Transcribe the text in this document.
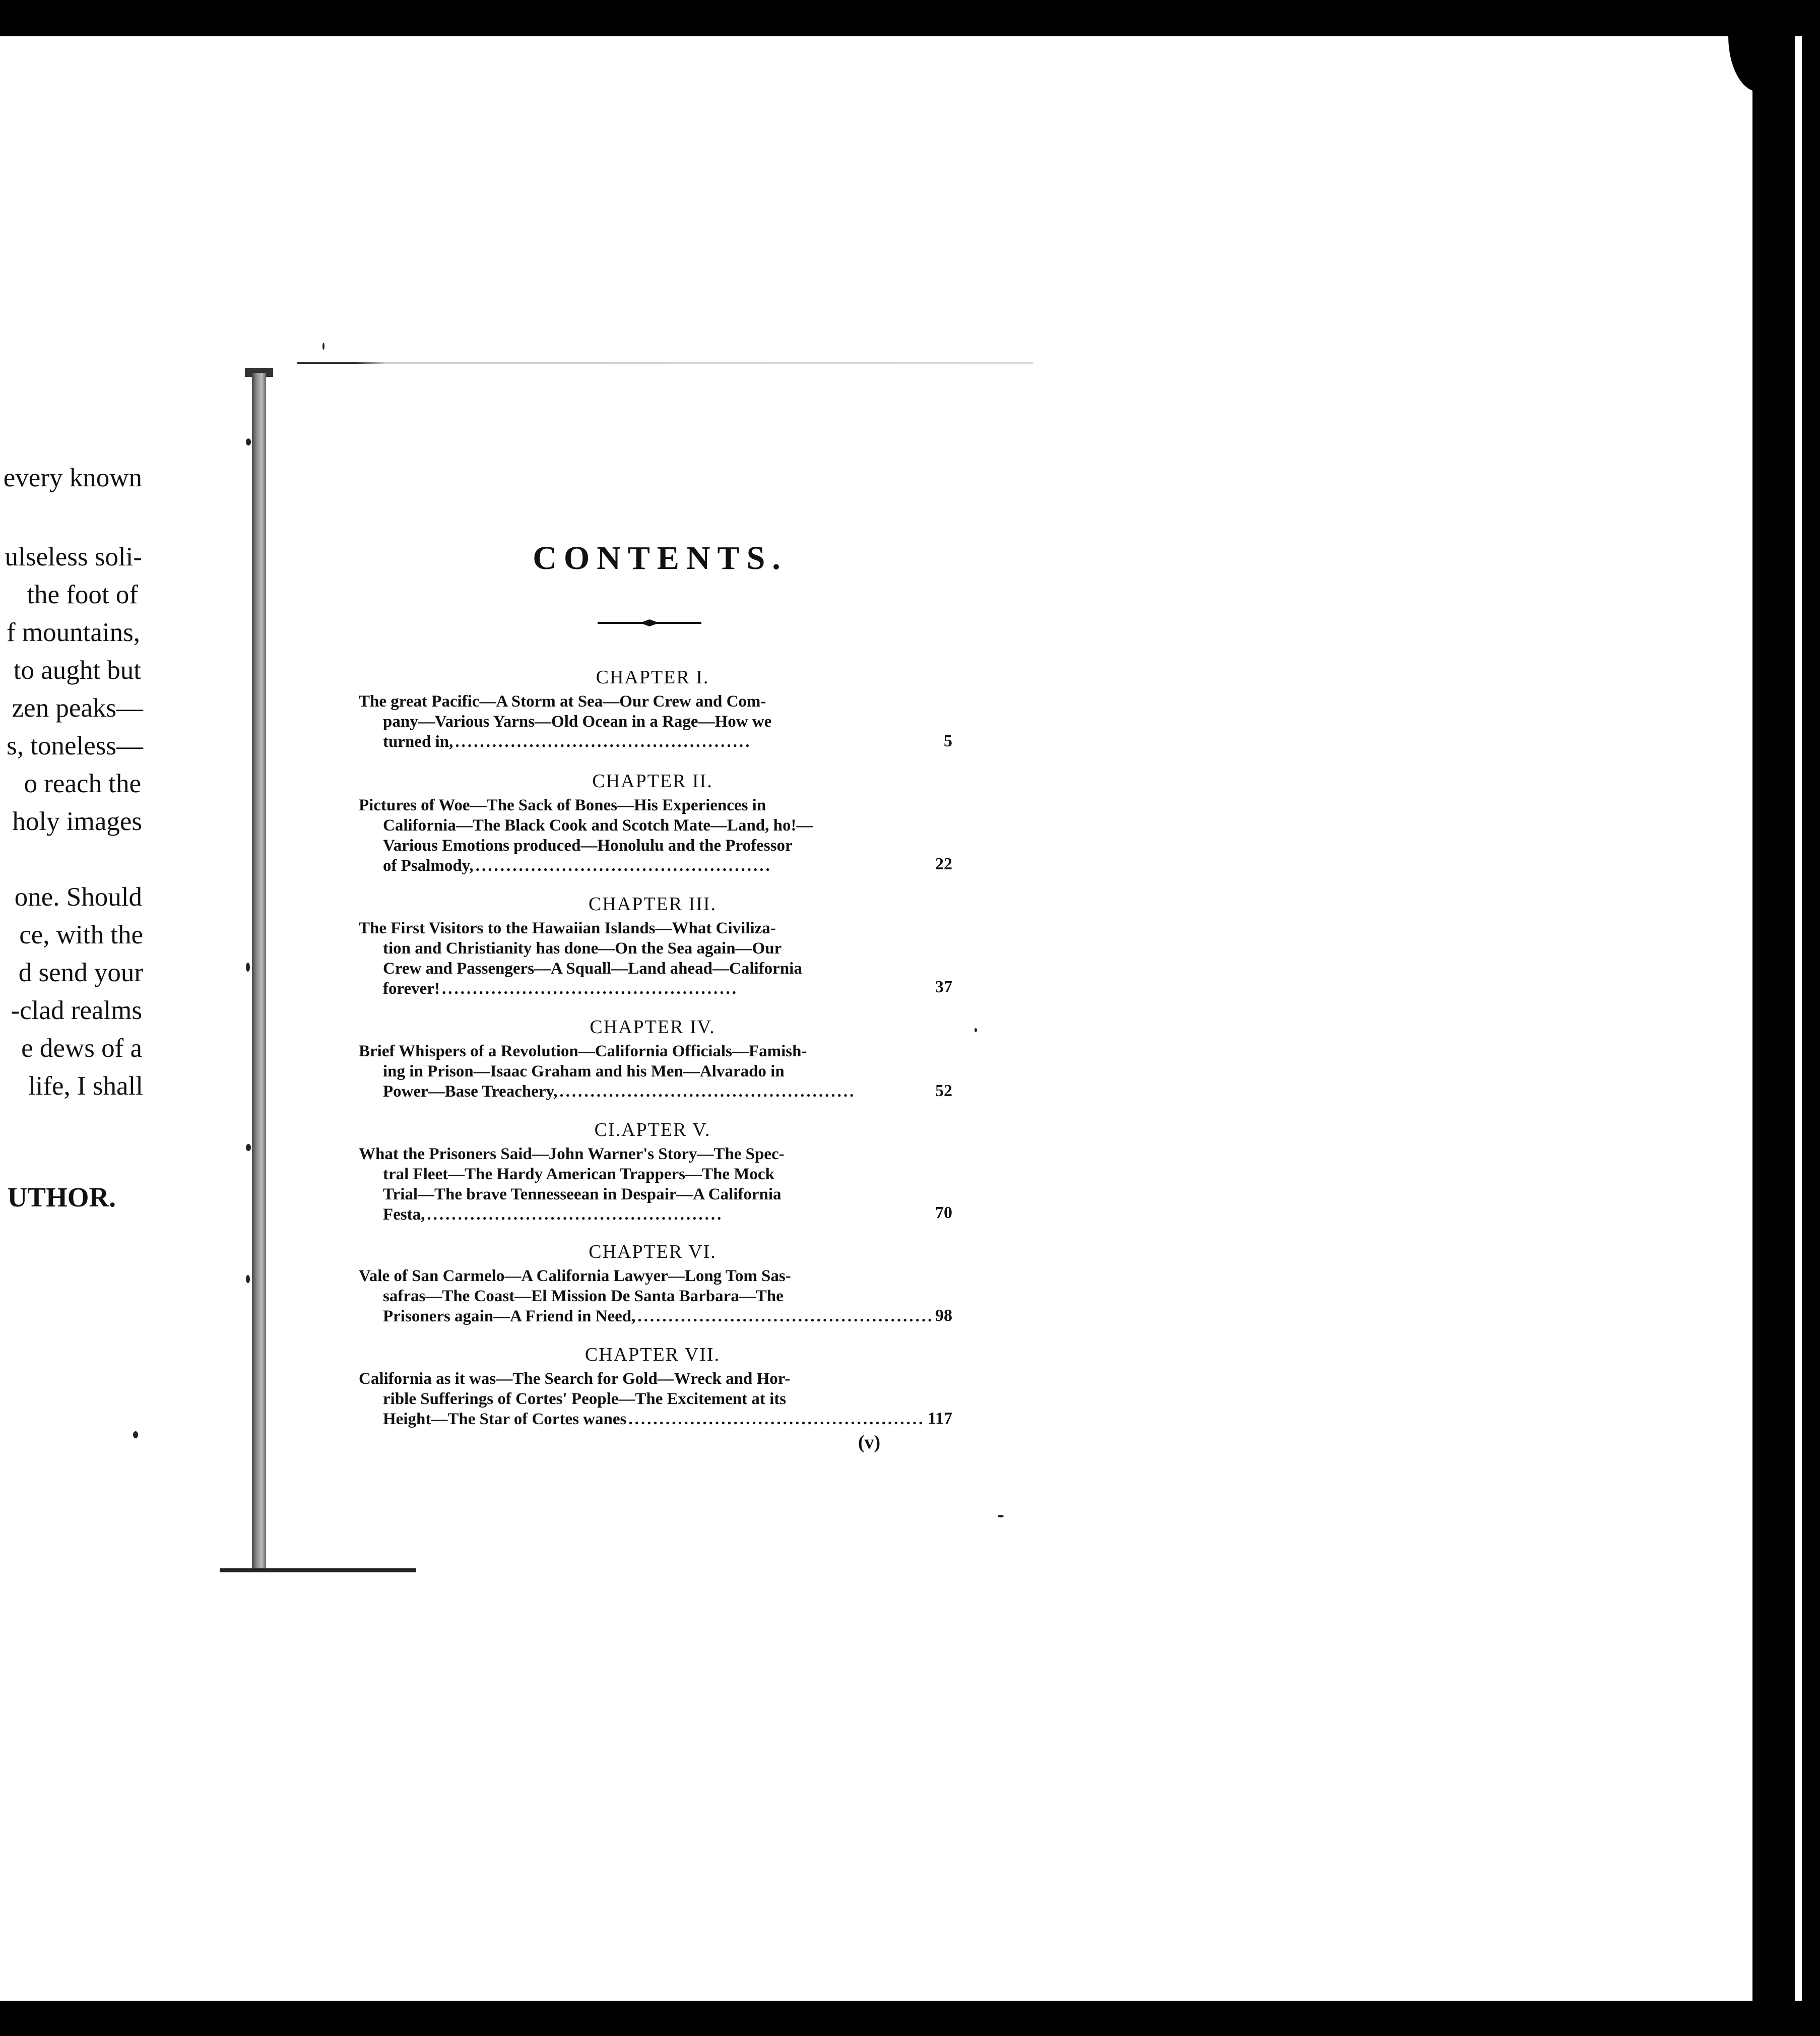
every known
ulseless soli-
the foot of
f mountains,
to aught but
zen peaks—
s, toneless—
o reach the
holy images
one. Should
ce, with the
d send your
-clad realms
e dews of a
life, I shall
UTHOR.
CONTENTS.
CHAPTER I.
The great Pacific—A Storm at Sea—Our Crew and Com-
pany—Various Yarns—Old Ocean in a Rage—How we
turned in, ................................................	5
CHAPTER II.
Pictures of Woe—The Sack of Bones—His Experiences in
California—The Black Cook and Scotch Mate—Land, ho!—
Various Emotions produced—Honolulu and the Professor
of Psalmody, ................................................	22
CHAPTER III.
The First Visitors to the Hawaiian Islands—What Civiliza-
tion and Christianity has done—On the Sea again—Our
Crew and Passengers—A Squall—Land ahead—California
forever! ................................................	37
CHAPTER IV.
Brief Whispers of a Revolution—California Officials—Famish-
ing in Prison—Isaac Graham and his Men—Alvarado in
Power—Base Treachery, ................................................	52
CI.APTER V.
What the Prisoners Said—John Warner's Story—The Spec-
tral Fleet—The Hardy American Trappers—The Mock
Trial—The brave Tennesseean in Despair—A California
Festa, ................................................	70
CHAPTER VI.
Vale of San Carmelo—A California Lawyer—Long Tom Sas-
safras—The Coast—El Mission De Santa Barbara—The
Prisoners again—A Friend in Need, ................................................ 98
CHAPTER VII.
California as it was—The Search for Gold—Wreck and Hor-
rible Sufferings of Cortes' People—The Excitement at its
Height—The Star of Cortes wanes ................................................ 117
(v)
